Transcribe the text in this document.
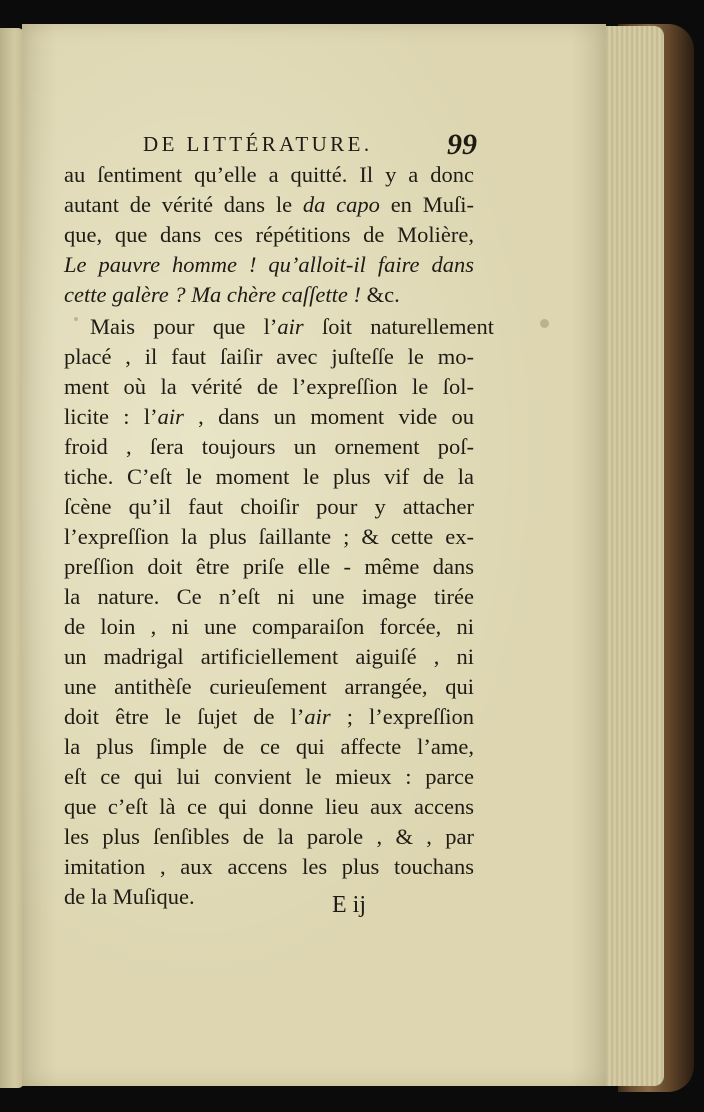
DE LITTÉRATURE. 99
au ſentiment qu’elle a quitté. Il y a donc
autant de vérité dans le da capo en Muſi-
que, que dans ces répétitions de Molière,
Le pauvre homme ! qu’alloit-il faire dans
cette galère ? Ma chère caſſette ! &c.
Mais pour que l’air ſoit naturellement
placé , il faut ſaiſir avec juſteſſe le mo-
ment où la vérité de l’expreſſion le ſol-
licite : l’air , dans un moment vide ou
froid , ſera toujours un ornement poſ-
tiche. C’eſt le moment le plus vif de la
ſcène qu’il faut choiſir pour y attacher
l’expreſſion la plus ſaillante ; & cette ex-
preſſion doit être priſe elle - même dans
la nature. Ce n’eſt ni une image tirée
de loin , ni une comparaiſon forcée, ni
un madrigal artificiellement aiguiſé , ni
une antithèſe curieuſement arrangée, qui
doit être le ſujet de l’air ; l’expreſſion
la plus ſimple de ce qui affecte l’ame,
eſt ce qui lui convient le mieux : parce
que c’eſt là ce qui donne lieu aux accens
les plus ſenſibles de la parole , & , par
imitation , aux accens les plus touchans
de la Muſique.	E ij
